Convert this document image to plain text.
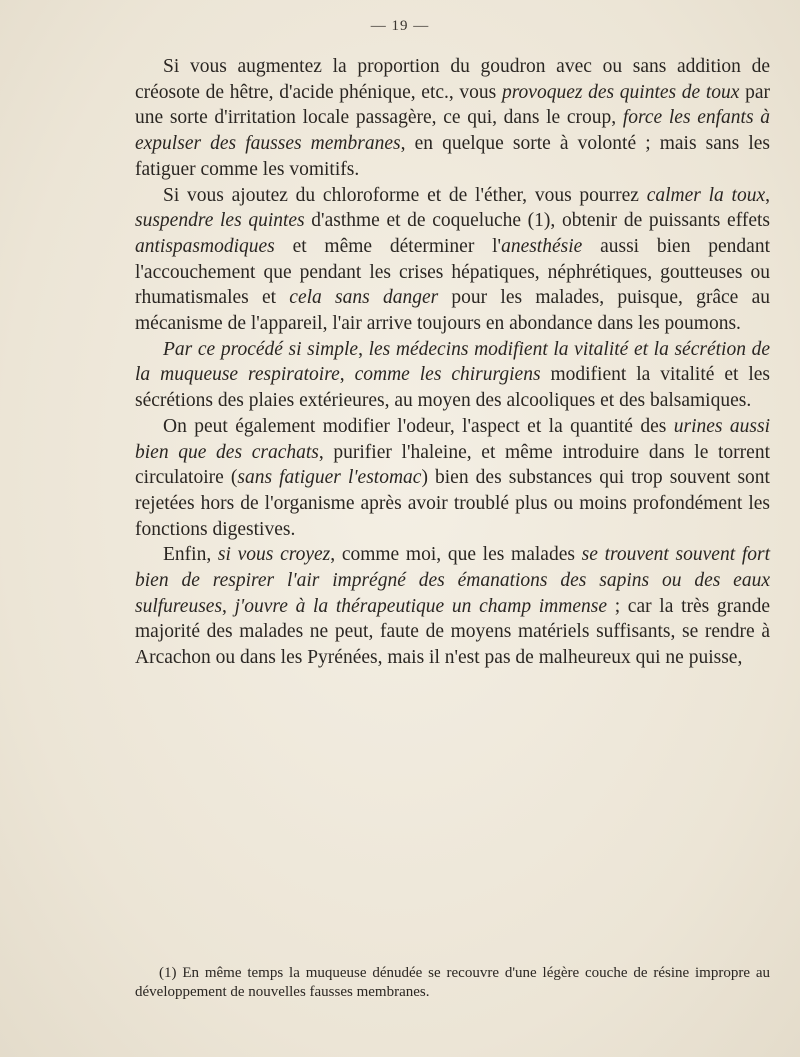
— 19 —

Si vous augmentez la proportion du goudron avec ou sans addition de créosote de hêtre, d'acide phénique, etc., vous provoquez des quintes de toux par une sorte d'irritation locale passagère, ce qui, dans le croup, force les enfants à expulser des fausses membranes, en quelque sorte à volonté ; mais sans les fatiguer comme les vomitifs.

Si vous ajoutez du chloroforme et de l'éther, vous pourrez calmer la toux, suspendre les quintes d'asthme et de coqueluche (1), obtenir de puissants effets antispasmodiques et même déterminer l'anesthésie aussi bien pendant l'accouchement que pendant les crises hépatiques, néphrétiques, goutteuses ou rhumatismales et cela sans danger pour les malades, puisque, grâce au mécanisme de l'appareil, l'air arrive toujours en abondance dans les poumons.

Par ce procédé si simple, les médecins modifient la vitalité et la sécrétion de la muqueuse respiratoire, comme les chirurgiens modifient la vitalité et les sécrétions des plaies extérieures, au moyen des alcooliques et des balsamiques.

On peut également modifier l'odeur, l'aspect et la quantité des urines aussi bien que des crachats, purifier l'haleine, et même introduire dans le torrent circulatoire (sans fatiguer l'estomac) bien des substances qui trop souvent sont rejetées hors de l'organisme après avoir troublé plus ou moins profondément les fonctions digestives.

Enfin, si vous croyez, comme moi, que les malades se trouvent souvent fort bien de respirer l'air imprégné des émanations des sapins ou des eaux sulfureuses, j'ouvre à la thérapeutique un champ immense ; car la très grande majorité des malades ne peut, faute de moyens matériels suffisants, se rendre à Arcachon ou dans les Pyrénées, mais il n'est pas de malheureux qui ne puisse,

(1) En même temps la muqueuse dénudée se recouvre d'une légère couche de résine impropre au développement de nouvelles fausses membranes.
